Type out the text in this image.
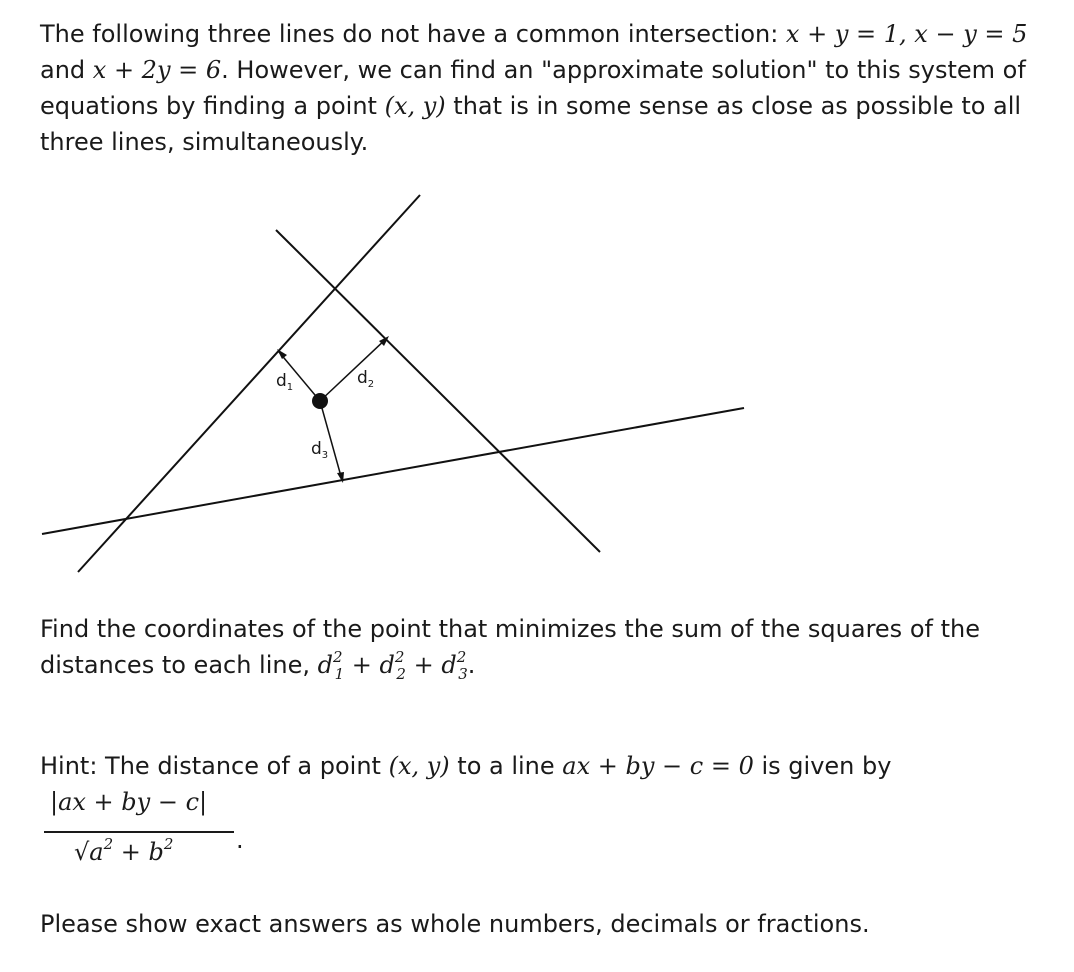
The following three lines do not have a common intersection: x + y = 1, x − y = 5 and x + 2y = 6. However, we can find an "approximate solution" to this system of equations by finding a point (x, y) that is in some sense as close as possible to all three lines, simultaneously.

$d_1$	$d_2$
$d_3$

Find the coordinates of the point that minimizes the sum of the squares of the distances to each line, $d^2_1 + d^2_2 + d^2_3$.

Hint: The distance of a point (x, y) to a line ax + by − c = 0 is given by

|ax + by − c|
$√a^2 + b^2$	.

Please show exact answers as whole numbers, decimals or fractions.
